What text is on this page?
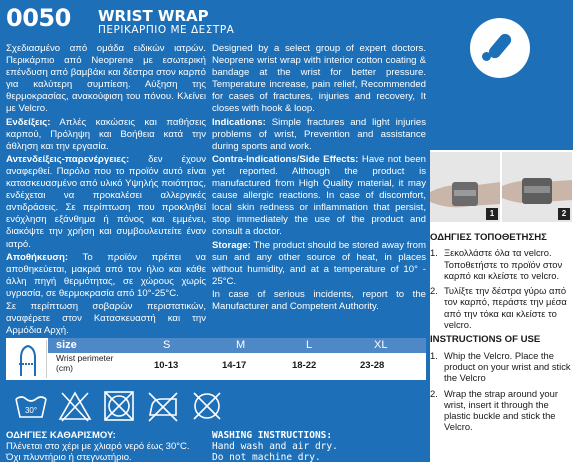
0050 WRIST WRAP
ΠΕΡΙΚΑΡΠΙΟ ΜΕ ΔΕΣΤΡΑ

Σχεδιασμένο από ομάδα ειδικών ιατρών. Περικάρπιο από Neoprene με εσωτερική επένδυση από βαμβάκι και δέστρα στον καρπό για καλύτερη συμπίεση. Αύξηση της θερμοκρασίας, ανακούφιση του πόνου. Κλείνει με Velcro.

Ενδείξεις: Απλές κακώσεις και παθήσεις καρπού, Πρόληψη και Βοήθεια κατά την άθληση και την εργασία.

Αντενδείξεις-παρενέργειες: δεν έχουν αναφερθεί. Παρόλο που το προϊόν αυτό είναι κατασκευασμένο από υλικό Υψηλής ποιότητας, ενδέχεται να προκαλέσει αλλεργικές αντιδράσεις. Σε περίπτωση που προκληθεί ενόχληση εξάνθημα ή πόνος και εμμένει, διακόψτε την χρήση και συμβουλευτείτε έναν ιατρό.

Αποθήκευση: Το προϊόν πρέπει να αποθηκεύεται, μακριά από τον ήλιο και κάθε άλλη πηγή θερμότητας, σε χώρους χωρίς υγρασία, σε θερμοκρασία από 10°-25°C.

Σε περίπτωση σοβαρών περιστατικών, αναφέρετε στον Κατασκευαστή και την Αρμόδια Αρχή.

Designed by a select group of expert doctors. Neoprene wrist wrap with interior cotton coating & bandage at the wrist for better pressure. Temperature increase, pain relief, Recommended for cases of fractures, injuries and recovery, It closes with hook & loop.

Indications: Simple fractures and light injuries problems of wrist, Prevention and assistance during sports and work.

Contra-Indications/Side Effects: Have not been yet reported. Although the product is manufactured from High Quality material, it may cause allergic reactions. In case of discomfort, local skin redness or inflammation that persist, stop immediately the use of the product and consult a doctor.

Storage: The product should be stored away from sun and any other source of heat, in places without humidity, and at a temperature of 10° - 25°C.

In case of serious incidents, report to the Manufacturer and Competent Authority.

size	S	M	L	XL
Wrist perimeter
(cm)	10-13	14-17	18-22	23-28
30°
ΟΔΗΓΙΕΣ ΚΑΘΑΡΙΣΜΟΥ:
Πλένεται στο χέρι με χλιαρό νερό έως 30°C.
Όχι πλυντήριο ή στεγνωτήριο.
WASHING INSTRUCTIONS:
Hand wash and air dry.
Do not machine dry.
1	2
ΟΔΗΓΙΕΣ ΤΟΠΟΘΕΤΗΣΗΣ
1. Ξεκολλάστε όλα τα velcro. Τοποθετήστε το προϊόν στον καρπό και κλείστε το velcro.
2. Τυλίξτε την δέστρα γύρω από τον καρπό, περάστε την μέσα από την τόκα και κλείστε το velcro.
INSTRUCTIONS OF USE
1. Whip the Velcro. Place the product on your wrist and stick the Velcro
2. Wrap the strap around your wrist, insert it through the plastic buckle and stick the Velcro.
